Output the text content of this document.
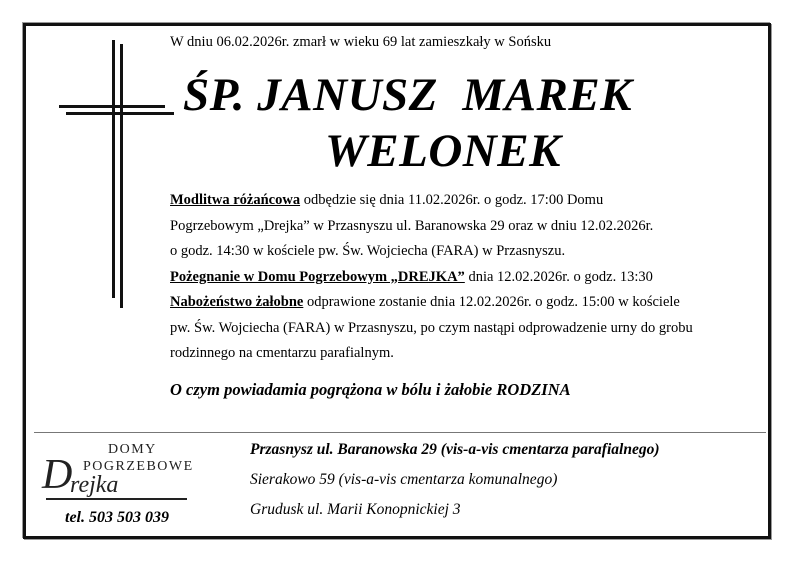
W dniu 06.02.2026r. zmarł w wieku 69 lat zamieszkały w Sońsku
ŚP. JANUSZ  MAREK
WELONEK

Modlitwa różańcowa odbędzie się dnia 11.02.2026r. o godz. 17:00 Domu

Pogrzebowym „Drejka” w Przasnyszu ul. Baranowska 29 oraz w dniu 12.02.2026r.

o godz. 14:30 w kościele pw. Św. Wojciecha (FARA) w Przasnyszu.

Pożegnanie w Domu Pogrzebowym „DREJKA” dnia 12.02.2026r. o godz. 13:30

Nabożeństwo żałobne odprawione zostanie dnia 12.02.2026r. o godz. 15:00 w kościele

pw. Św. Wojciecha (FARA) w Przasnyszu, po czym nastąpi odprowadzenie urny do grobu

rodzinnego na cmentarzu parafialnym.

O czym powiadamia pogrążona w bólu i żałobie RODZINA
DOMY
POGRZEBOWE
D
rejka
tel. 503 503 039
Przasnysz ul. Baranowska 29 (vis-a-vis cmentarza parafialnego)
Sierakowo 59 (vis-a-vis cmentarza komunalnego)
Grudusk ul. Marii Konopnickiej 3
